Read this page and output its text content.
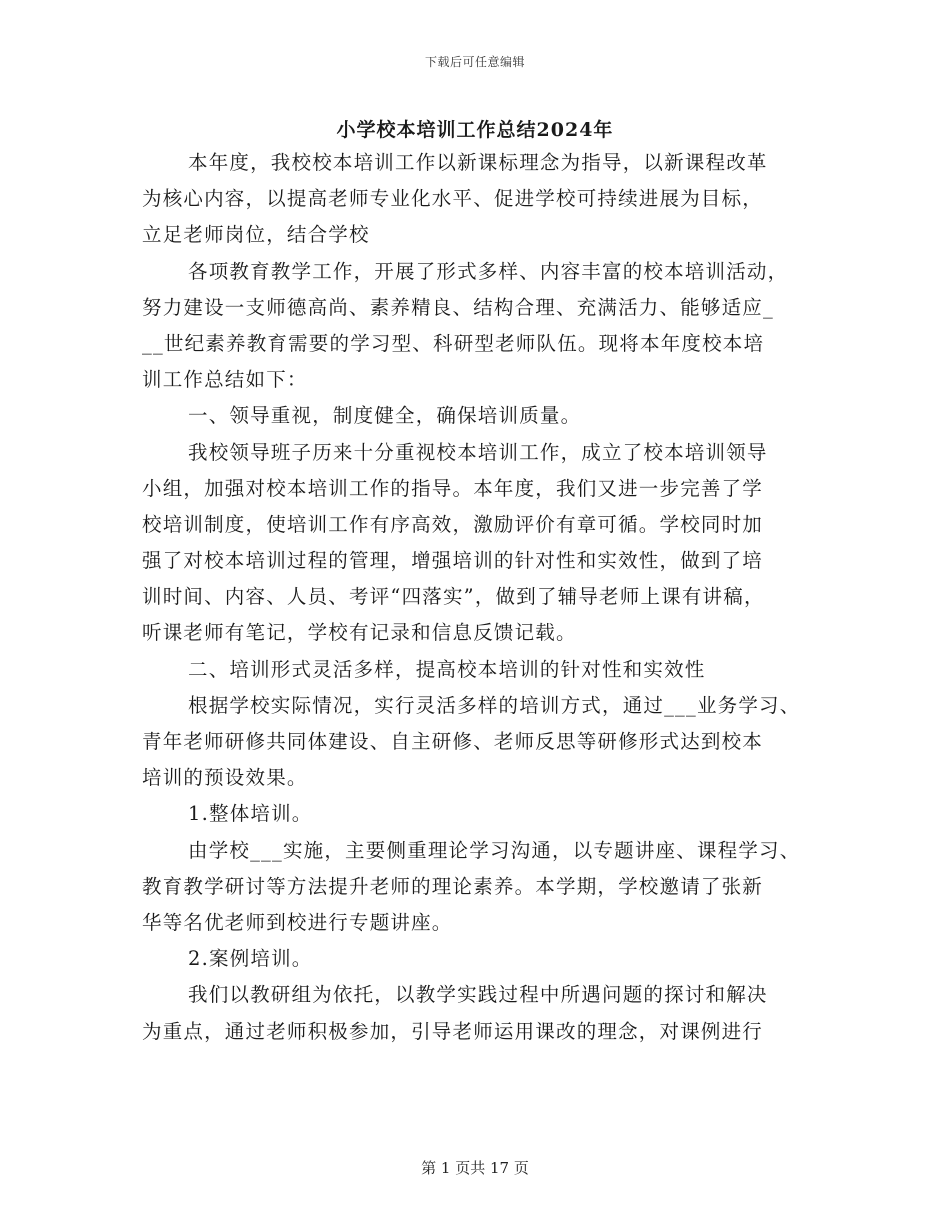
下载后可任意编辑
小学校本培训工作总结2024年
本年度，我校校本培训工作以新课标理念为指导，以新课程改革
为核心内容，以提高老师专业化水平、促进学校可持续进展为目标，
立足老师岗位，结合学校
各项教育教学工作，开展了形式多样、内容丰富的校本培训活动，
努力建设一支师德高尚、素养精良、结构合理、充满活力、能够适应_
__世纪素养教育需要的学习型、科研型老师队伍。现将本年度校本培
训工作总结如下：
一、领导重视，制度健全，确保培训质量。
我校领导班子历来十分重视校本培训工作，成立了校本培训领导
小组，加强对校本培训工作的指导。本年度，我们又进一步完善了学
校培训制度，使培训工作有序高效，激励评价有章可循。学校同时加
强了对校本培训过程的管理，增强培训的针对性和实效性，做到了培
训时间、内容、人员、考评“四落实”，做到了辅导老师上课有讲稿，
听课老师有笔记，学校有记录和信息反馈记载。
二、培训形式灵活多样，提高校本培训的针对性和实效性
根据学校实际情况，实行灵活多样的培训方式，通过___业务学习、
青年老师研修共同体建设、自主研修、老师反思等研修形式达到校本
培训的预设效果。
1.整体培训。
由学校___实施，主要侧重理论学习沟通，以专题讲座、课程学习、
教育教学研讨等方法提升老师的理论素养。本学期，学校邀请了张新
华等名优老师到校进行专题讲座。
2.案例培训。
我们以教研组为依托，以教学实践过程中所遇问题的探讨和解决
为重点，通过老师积极参加，引导老师运用课改的理念，对课例进行
第 1 页共 17 页
